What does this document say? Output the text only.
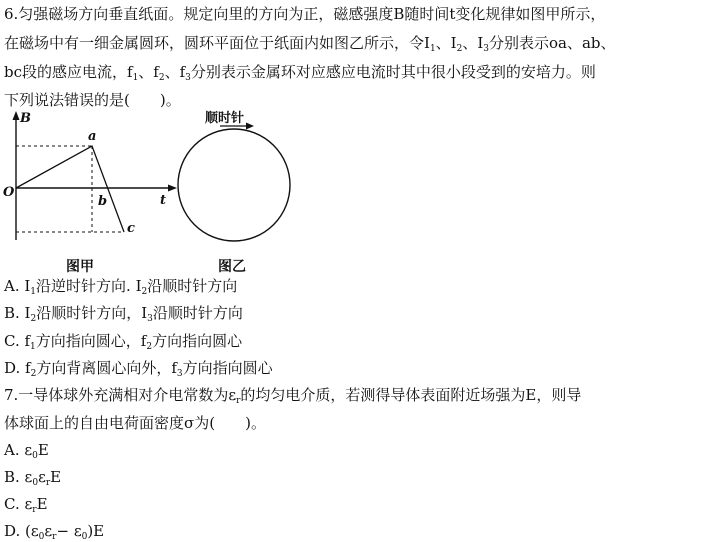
6.匀强磁场方向垂直纸面。规定向里的方向为正，磁感强度B随时间t变化规律如图甲所示，
在磁场中有一细金属圆环，圆环平面位于纸面内如图乙所示，令$I_1$、$I_2$、$I_3$分别表示oa、ab、
bc段的感应电流，$f_1$、$f_2$、$f_3$分别表示金属环对应感应电流时其中很小段受到的安培力。则
下列说法错误的是(　　)。
B
O
a
b
c
t
图甲
顺时针
图乙
A. $I_1$沿逆时针方向. $I_2$沿顺时针方向
B. $I_2$沿顺时针方向，$I_3$沿顺时针方向
C. $f_1$方向指向圆心，$f_2$方向指向圆心
D. $f_2$方向背离圆心向外，$f_3$方向指向圆心
7.一导体球外充满相对介电常数为$\varepsilon_r$的均匀电介质，若测得导体表面附近场强为E，则导
体球面上的自由电荷面密度σ为(　　)。
A. $\varepsilon_0E$
B. $\varepsilon_0\varepsilon_rE$
C. $\varepsilon_rE$
D. $(\varepsilon_0\varepsilon_r- \varepsilon_0)E$
